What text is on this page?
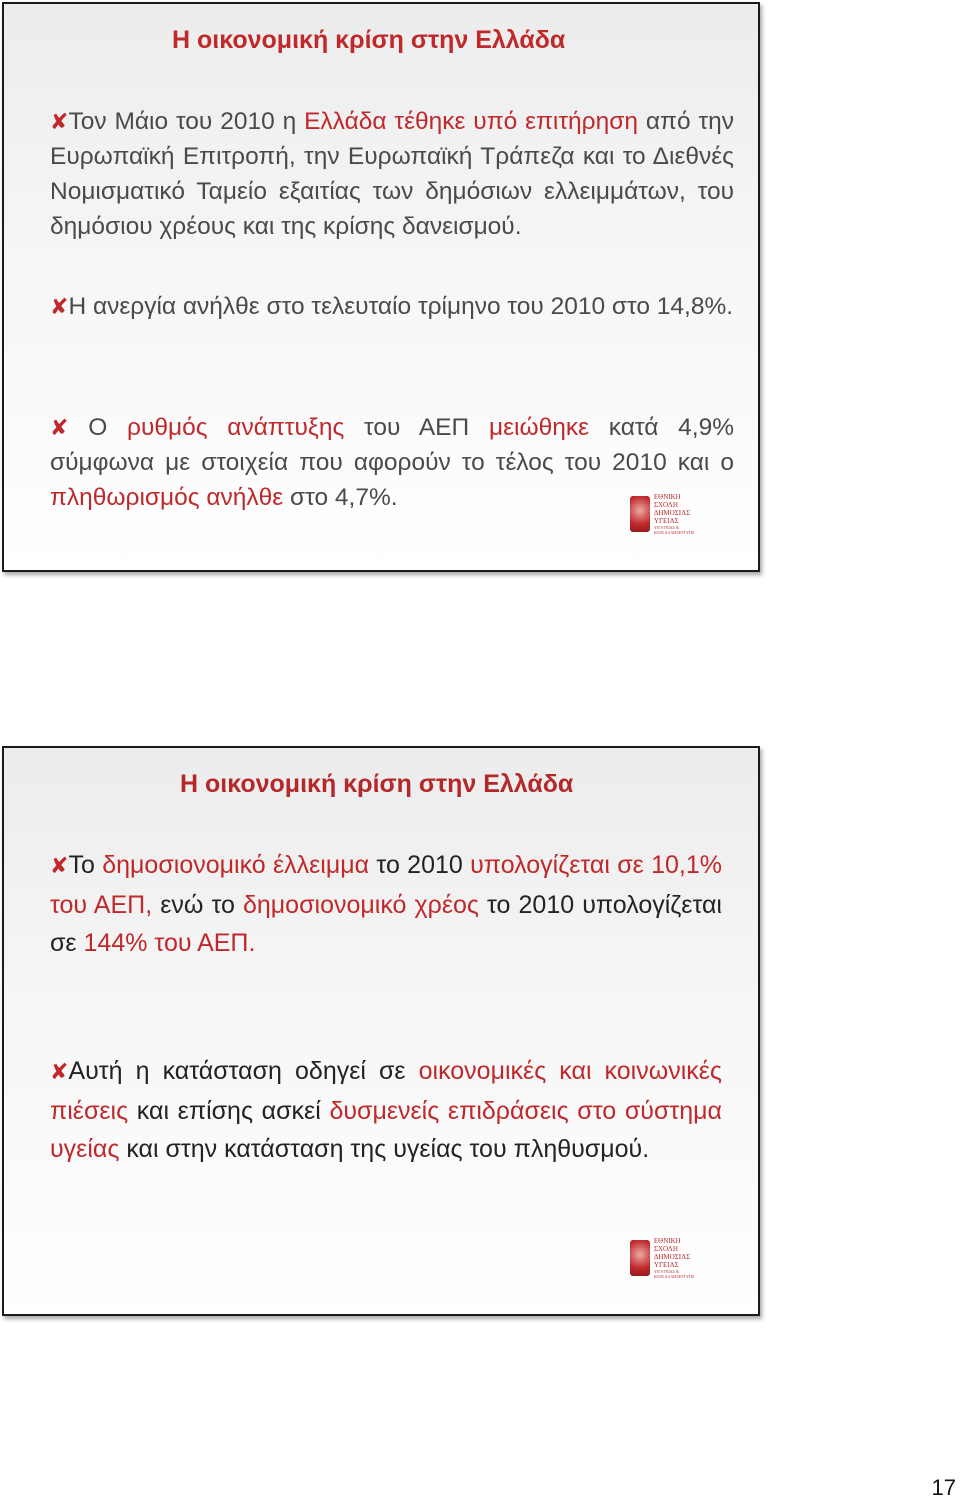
Η οικονομική κρίση στην Ελλάδα
✘Τον Μάιο του 2010 η Ελλάδα τέθηκε υπό επιτήρηση από την Ευρωπαϊκή Επιτροπή, την Ευρωπαϊκή Τράπεζα και το Διεθνές Νομισματικό Ταμείο εξαιτίας των δημόσιων ελλειμμάτων, του δημόσιου χρέους και της κρίσης δανεισμού.
✘Η ανεργία ανήλθε στο τελευταίο τρίμηνο του 2010 στο 14,8%.
✘ Ο ρυθμός ανάπτυξης του ΑΕΠ μειώθηκε κατά 4,9% σύμφωνα με στοιχεία που αφορούν το τέλος του 2010 και ο πληθωρισμός ανήλθε στο 4,7%.	ΕΘΝΙΚΗ
ΣΧΟΛΗ
ΔΗΜΟΣΙΑΣ
ΥΓΕΙΑΣ
ΥΠ.ΥΓΕΙΑΣ & ΚΟΙΝ.ΑΛΛΗΛΕΓΓΥΗΣ
Η οικονομική κρίση στην Ελλάδα
✘Το δημοσιονομικό έλλειμμα το 2010 υπολογίζεται σε 10,1% του ΑΕΠ, ενώ το δημοσιονομικό χρέος το 2010 υπολογίζεται σε 144% του ΑΕΠ.
✘Αυτή η κατάσταση οδηγεί σε οικονομικές και κοινωνικές πιέσεις και επίσης ασκεί δυσμενείς επιδράσεις στο σύστημα υγείας και στην κατάσταση της υγείας του πληθυσμού.
ΕΘΝΙΚΗ
ΣΧΟΛΗ
ΔΗΜΟΣΙΑΣ
ΥΓΕΙΑΣ
ΥΠ.ΥΓΕΙΑΣ & ΚΟΙΝ.ΑΛΛΗΛΕΓΓΥΗΣ
17
